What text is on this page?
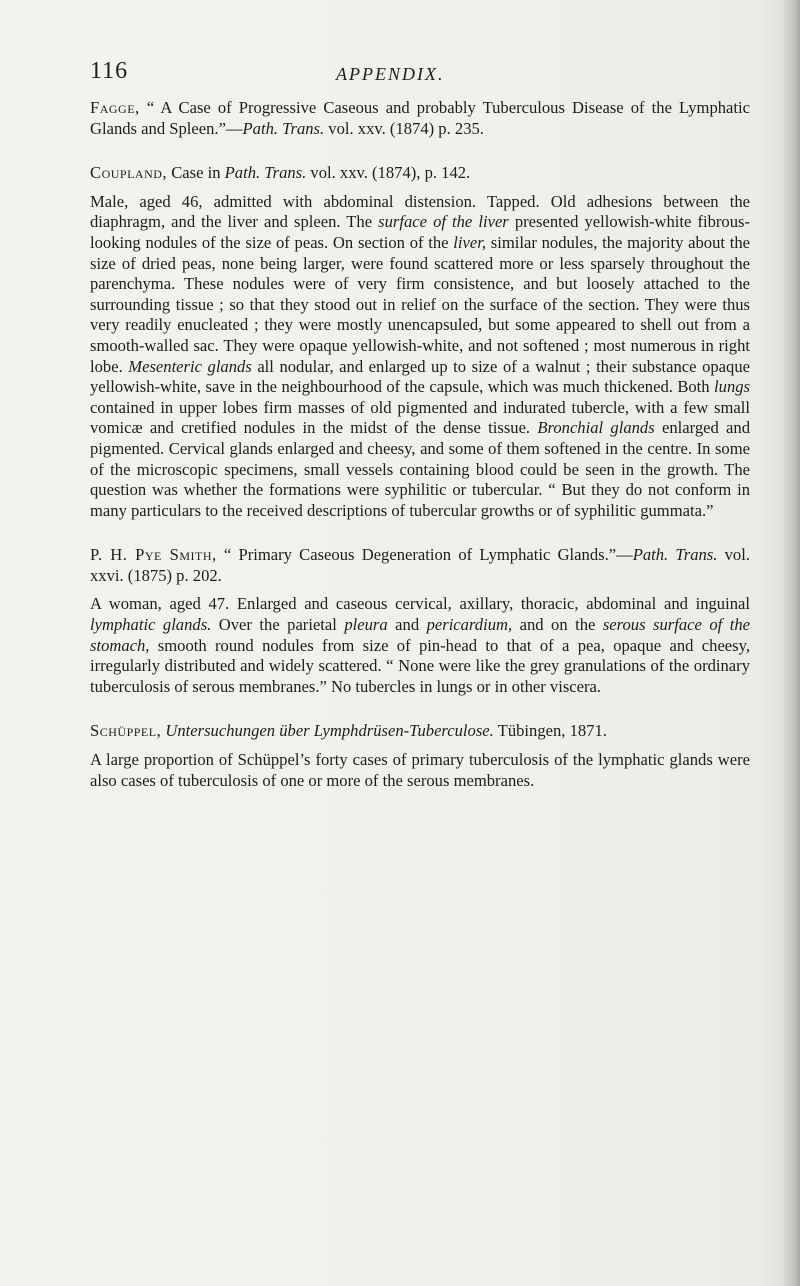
116	APPENDIX.

Fagge, “ A Case of Progressive Caseous and probably Tuberculous Disease of the Lymphatic Glands and Spleen.”—Path. Trans. vol. xxv. (1874) p. 235.

Coupland, Case in Path. Trans. vol. xxv. (1874), p. 142.

Male, aged 46, admitted with abdominal distension. Tapped. Old adhesions between the diaphragm, and the liver and spleen. The surface of the liver presented yellowish-white fibrous-looking nodules of the size of peas. On section of the liver, similar nodules, the majority about the size of dried peas, none being larger, were found scattered more or less sparsely throughout the parenchyma. These nodules were of very firm consistence, and but loosely attached to the surrounding tissue ; so that they stood out in relief on the surface of the section. They were thus very readily enucleated ; they were mostly unencapsuled, but some appeared to shell out from a smooth-walled sac. They were opaque yellowish-white, and not softened ; most numerous in right lobe. Mesenteric glands all nodular, and enlarged up to size of a walnut ; their substance opaque yellowish-white, save in the neighbourhood of the capsule, which was much thickened. Both lungs contained in upper lobes firm masses of old pigmented and indurated tubercle, with a few small vomicæ and cretified nodules in the midst of the dense tissue. Bronchial glands enlarged and pigmented. Cervical glands enlarged and cheesy, and some of them softened in the centre. In some of the microscopic specimens, small vessels containing blood could be seen in the growth. The question was whether the formations were syphilitic or tubercular. “ But they do not conform in many particulars to the received descriptions of tubercular growths or of syphilitic gummata.”

P. H. Pye Smith, “ Primary Caseous Degeneration of Lymphatic Glands.”—Path. Trans. vol. xxvi. (1875) p. 202.

A woman, aged 47. Enlarged and caseous cervical, axillary, thoracic, abdominal and inguinal lymphatic glands. Over the parietal pleura and pericardium, and on the serous surface of the stomach, smooth round nodules from size of pin-head to that of a pea, opaque and cheesy, irregularly distributed and widely scattered. “ None were like the grey granulations of the ordinary tuberculosis of serous membranes.” No tubercles in lungs or in other viscera.

Schüppel, Untersuchungen über Lymphdrüsen-Tuberculose. Tübingen, 1871.

A large proportion of Schüppel’s forty cases of primary tuberculosis of the lymphatic glands were also cases of tuberculosis of one or more of the serous membranes.
